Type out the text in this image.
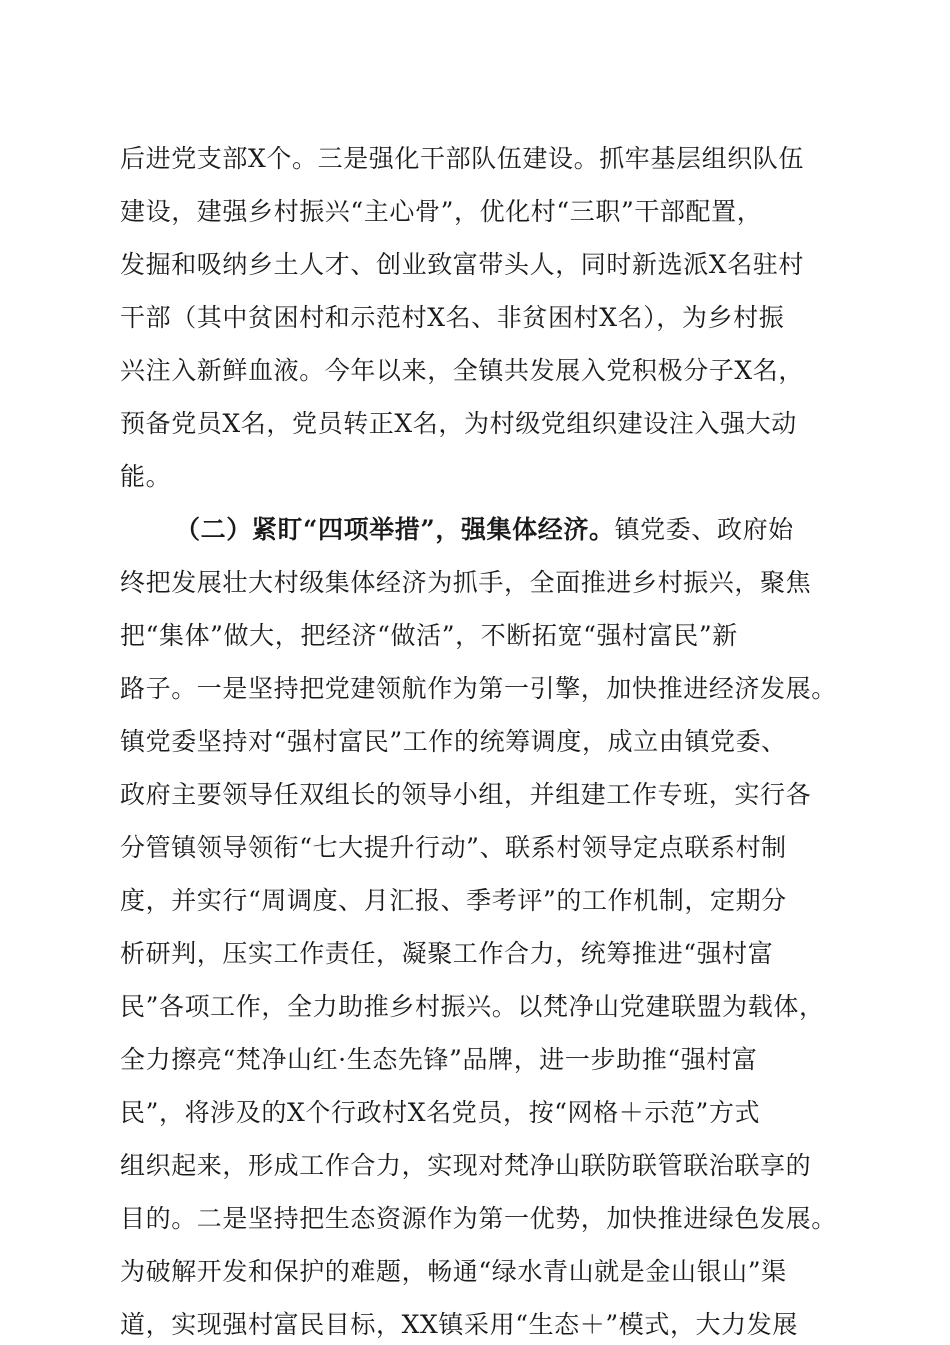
后进党支部X个。三是强化干部队伍建设。抓牢基层组织队伍
建设，建强乡村振兴“主心骨”，优化村“三职”干部配置，
发掘和吸纳乡土人才、创业致富带头人，同时新选派X名驻村
干部（其中贫困村和示范村X名、非贫困村X名），为乡村振
兴注入新鲜血液。今年以来，全镇共发展入党积极分子X名，
预备党员X名，党员转正X名，为村级党组织建设注入强大动
能。
（二）紧盯“四项举措”，强集体经济。镇党委、政府始
终把发展壮大村级集体经济为抓手，全面推进乡村振兴，聚焦
把“集体”做大，把经济“做活”，不断拓宽“强村富民”新
路子。一是坚持把党建领航作为第一引擎，加快推进经济发展。
镇党委坚持对“强村富民”工作的统筹调度，成立由镇党委、
政府主要领导任双组长的领导小组，并组建工作专班，实行各
分管镇领导领衔“七大提升行动”、联系村领导定点联系村制
度，并实行“周调度、月汇报、季考评”的工作机制，定期分
析研判，压实工作责任，凝聚工作合力，统筹推进“强村富
民”各项工作，全力助推乡村振兴。以梵净山党建联盟为载体，
全力擦亮“梵净山红·生态先锋”品牌，进一步助推“强村富
民”，将涉及的X个行政村X名党员，按“网格＋示范”方式
组织起来，形成工作合力，实现对梵净山联防联管联治联享的
目的。二是坚持把生态资源作为第一优势，加快推进绿色发展。
为破解开发和保护的难题，畅通“绿水青山就是金山银山”渠
道，实现强村富民目标，XX镇采用“生态＋”模式，大力发展
